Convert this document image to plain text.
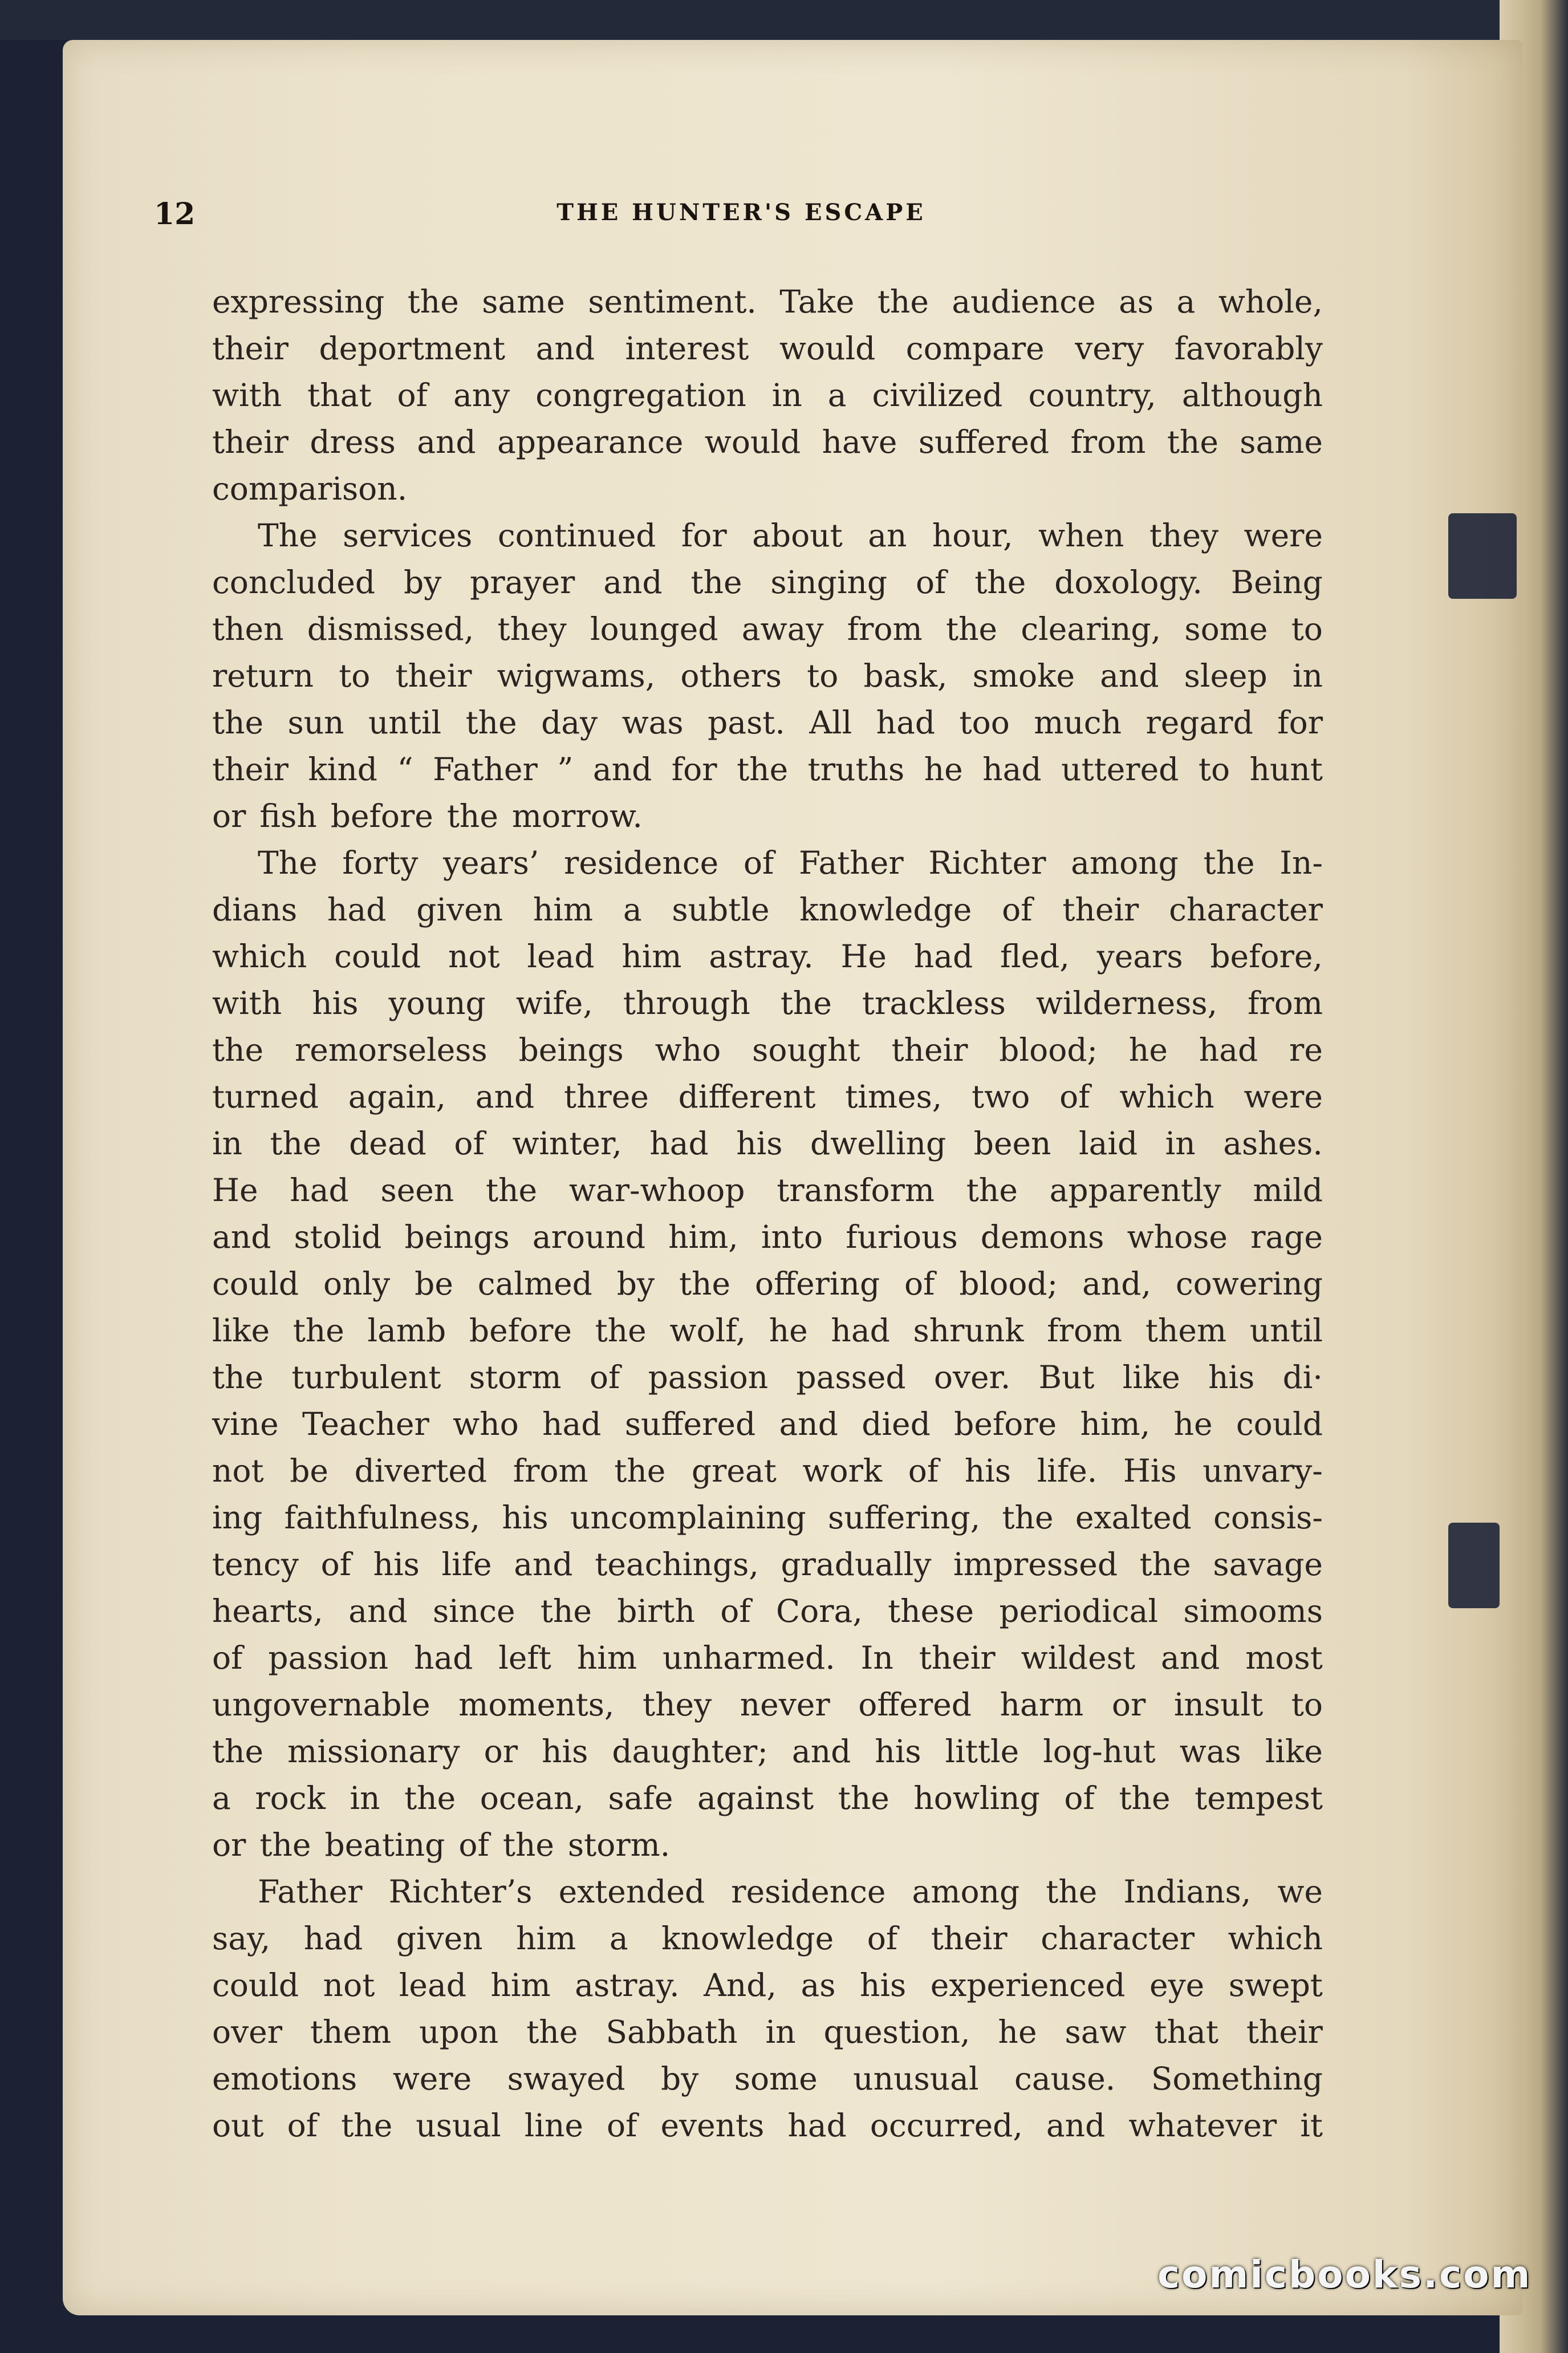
12	THE HUNTER'S ESCAPE
expressing the same sentiment. Take the audience as a whole,
their deportment and interest would compare very favorably
with that of any congregation in a civilized country, although
their dress and appearance would have suffered from the same
comparison.
The services continued for about an hour, when they were
concluded by prayer and the singing of the doxology. Being
then dismissed, they lounged away from the clearing, some to
return to their wigwams, others to bask, smoke and sleep in
the sun until the day was past. All had too much regard for
their kind “ Father ” and for the truths he had uttered to hunt
or fish before the morrow.
The forty years’ residence of Father Richter among the In-
dians had given him a subtle knowledge of their character
which could not lead him astray. He had fled, years before,
with his young wife, through the trackless wilderness, from
the remorseless beings who sought their blood; he had re
turned again, and three different times, two of which were
in the dead of winter, had his dwelling been laid in ashes.
He had seen the war-whoop transform the apparently mild
and stolid beings around him, into furious demons whose rage
could only be calmed by the offering of blood; and, cowering
like the lamb before the wolf, he had shrunk from them until
the turbulent storm of passion passed over. But like his di·
vine Teacher who had suffered and died before him, he could
not be diverted from the great work of his life. His unvary-
ing faithfulness, his uncomplaining suffering, the exalted consis-
tency of his life and teachings, gradually impressed the savage
hearts, and since the birth of Cora, these periodical simooms
of passion had left him unharmed. In their wildest and most
ungovernable moments, they never offered harm or insult to
the missionary or his daughter; and his little log-hut was like
a rock in the ocean, safe against the howling of the tempest
or the beating of the storm.
Father Richter’s extended residence among the Indians, we
say, had given him a knowledge of their character which
could not lead him astray. And, as his experienced eye swept
over them upon the Sabbath in question, he saw that their
emotions were swayed by some unusual cause. Something
out of the usual line of events had occurred, and whatever it
comicbooks.com
